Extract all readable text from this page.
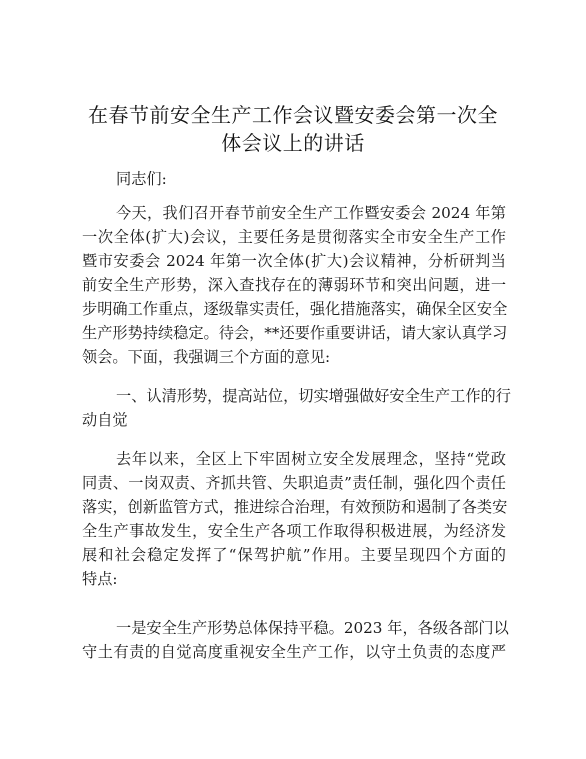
在春节前安全生产工作会议暨安委会第一次全
体会议上的讲话
同志们:
今天，我们召开春节前安全生产工作暨安委会 2024 年第
一次全体(扩大)会议，主要任务是贯彻落实全市安全生产工作
暨市安委会 2024 年第一次全体(扩大)会议精神，分析研判当
前安全生产形势，深入查找存在的薄弱环节和突出问题，进一
步明确工作重点，逐级靠实责任，强化措施落实，确保全区安全
生产形势持续稳定。待会，**还要作重要讲话，请大家认真学习
领会。下面，我强调三个方面的意见:
一、认清形势，提高站位，切实增强做好安全生产工作的行
动自觉
去年以来，全区上下牢固树立安全发展理念，坚持“党政
同责、一岗双责、齐抓共管、失职追责”责任制，强化四个责任
落实，创新监管方式，推进综合治理，有效预防和遏制了各类安
全生产事故发生，安全生产各项工作取得积极进展，为经济发
展和社会稳定发挥了“保驾护航”作用。主要呈现四个方面的
特点:
一是安全生产形势总体保持平稳。2023 年，各级各部门以
守土有责的自觉高度重视安全生产工作，以守土负责的态度严
